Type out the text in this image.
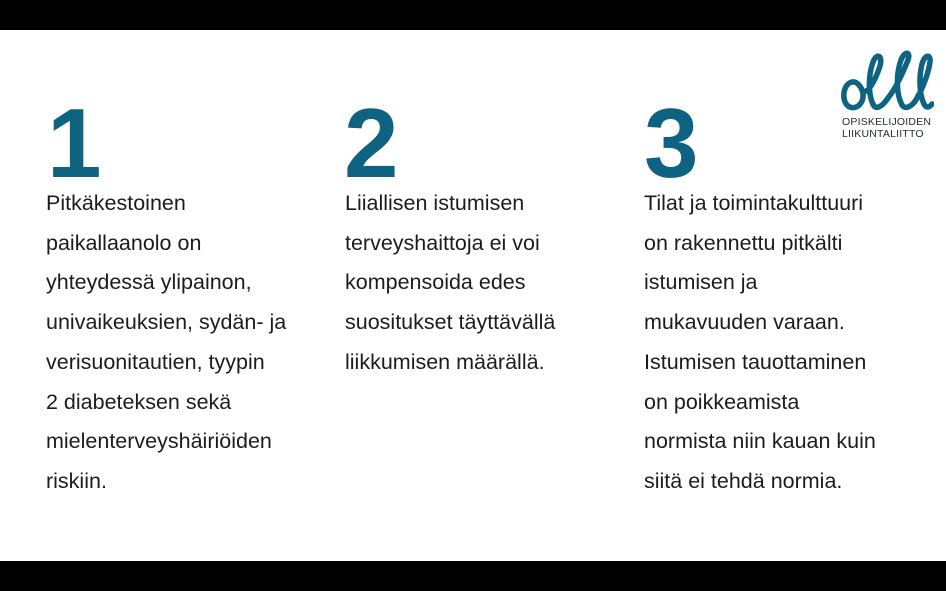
1
Pitkäkestoinen
paikallaanolo on
yhteydessä ylipainon,
univaikeuksien, sydän- ja
verisuonitautien, tyypin
2 diabeteksen sekä
mielenterveyshäiriöiden
riskiin.
2
Liiallisen istumisen
terveyshaittoja ei voi
kompensoida edes
suositukset täyttävällä
liikkumisen määrällä.
3
Tilat ja toimintakulttuuri
on rakennettu pitkälti
istumisen ja
mukavuuden varaan.
Istumisen tauottaminen
on poikkeamista
normista niin kauan kuin
siitä ei tehdä normia.
OPISKELIJOIDEN
LIIKUNTALIITTO
